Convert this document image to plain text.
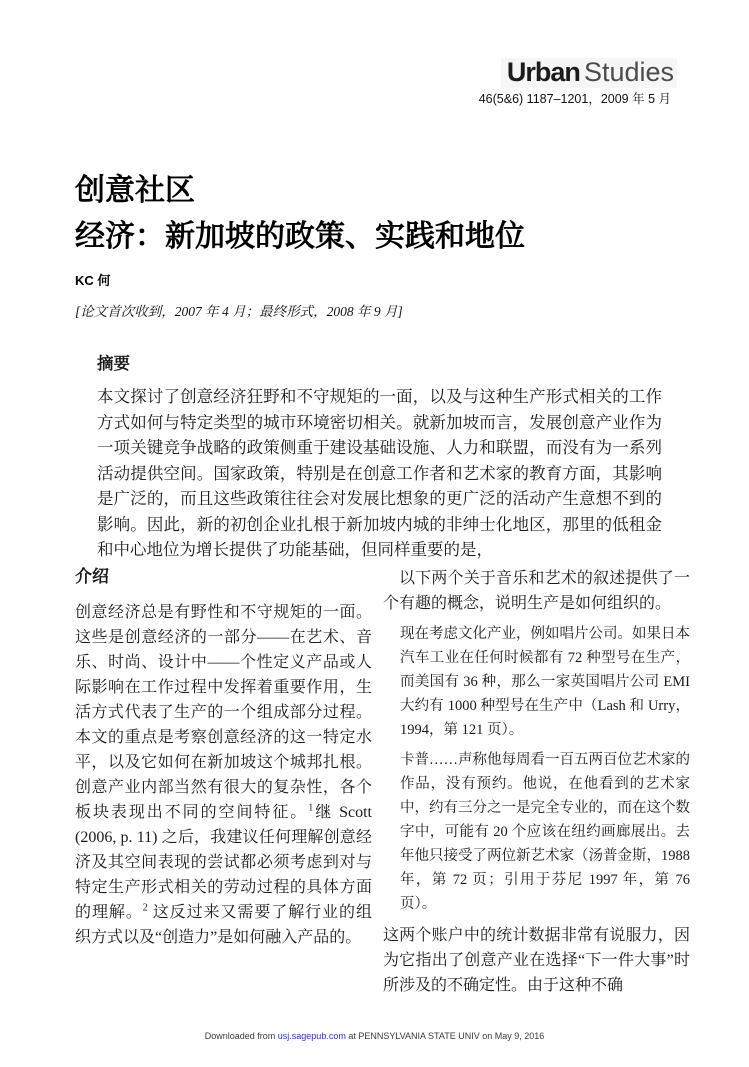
Urban Studies
46(5&6) 1187–1201，2009 年 5 月
创意社区
经济：新加坡的政策、实践和地位
KC 何
[论文首次收到，2007 年 4 月；最终形式，2008 年 9 月]
摘要

本文探讨了创意经济狂野和不守规矩的一面，以及与这种生产形式相关的工作方式如何与特定类型的城市环境密切相关。就新加坡而言，发展创意产业作为一项关键竞争战略的政策侧重于建设基础设施、人力和联盟，而没有为一系列活动提供空间。国家政策，特别是在创意工作者和艺术家的教育方面，其影响是广泛的，而且这些政策往往会对发展比想象的更广泛的活动产生意想不到的影响。因此，新的初创企业扎根于新加坡内城的非绅士化地区，那里的低租金和中心地位为增长提供了功能基础，但同样重要的是，

介绍

创意经济总是有野性和不守规矩的一面。这些是创意经济的一部分——在艺术、音乐、时尚、设计中——个性定义产品或人际影响在工作过程中发挥着重要作用，生活方式代表了生产的一个组成部分过程。本文的重点是考察创意经济的这一特定水平，以及它如何在新加坡这个城邦扎根。创意产业内部当然有很大的复杂性，各个板块表现出不同的空间特征。$^1$继 Scott (2006, p. 11) 之后，我建议任何理解创意经济及其空间表现的尝试都必须考虑到对与特定生产形式相关的劳动过程的具体方面的理解。$^2$ 这反过来又需要了解行业的组织方式以及“创造力”是如何融入产品的。

以下两个关于音乐和艺术的叙述提供了一个有趣的概念，说明生产是如何组织的。

现在考虑文化产业，例如唱片公司。如果日本汽车工业在任何时候都有 72 种型号在生产，而美国有 36 种，那么一家英国唱片公司 EMI 大约有 1000 种型号在生产中（Lash 和 Urry，1994，第 121 页）。
卡普……声称他每周看一百五两百位艺术家的作品，没有预约。他说，在他看到的艺术家中，约有三分之一是完全专业的，而在这个数字中，可能有 20 个应该在纽约画廊展出。去年他只接受了两位新艺术家（汤普金斯，1988 年，第 72 页；引用于芬尼 1997 年，第 76 页）。

这两个账户中的统计数据非常有说服力，因为它指出了创意产业在选择“下一件大事”时所涉及的不确定性。由于这种不确

Downloaded from usj.sagepub.com at PENNSYLVANIA STATE UNIV on May 9, 2016
